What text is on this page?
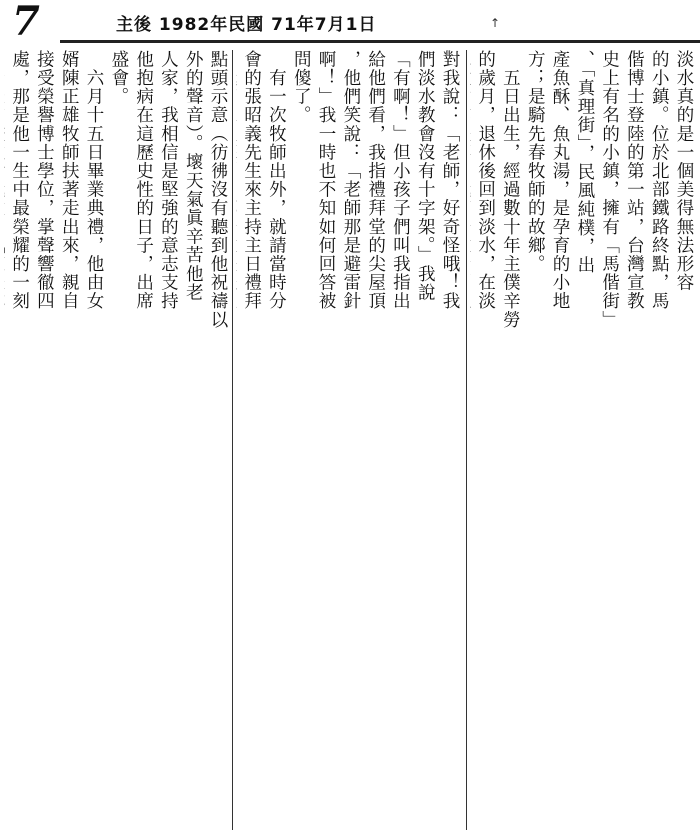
7	主後 1982年民國 71年7月1日	↑
淡水真的是一個美得無法形容
的小鎮。位於北部鐵路終點，馬
偕博士登陸的第一站，台灣宣教
史上有名的小鎮，擁有「馬偕街」
、「真理街」，民風純樸，出
產魚酥、魚丸湯，是孕育的小地
方；是騎先春牧師的故鄉。
　五日出生，經過數十年主僕辛勞
的歲月，退休後回到淡水，在淡

對我說：「老師，好奇怪哦！我
們淡水教會沒有十字架。」我說
「有啊！」但小孩子們叫我指出
給他們看，我指禮拜堂的尖屋頂
，他們笑說：「老師那是避雷針
啊！」我一時也不知如何回答被
問傻了。
　有一次牧師出外，就請當時分
會的張昭義先生來主持主日禮拜

點頭示意（彷彿沒有聽到他祝禱以
外的聲音）。壞天氣眞辛苦他老
人家，我相信是堅強的意志支持
他抱病在這歷史性的日子，出席
盛會。
　六月十五日畢業典禮，他由女
婿陳正雄牧師扶著走出來，親自
接受榮譽博士學位，掌聲響徹四
處，那是他一生中最榮耀的一刻
